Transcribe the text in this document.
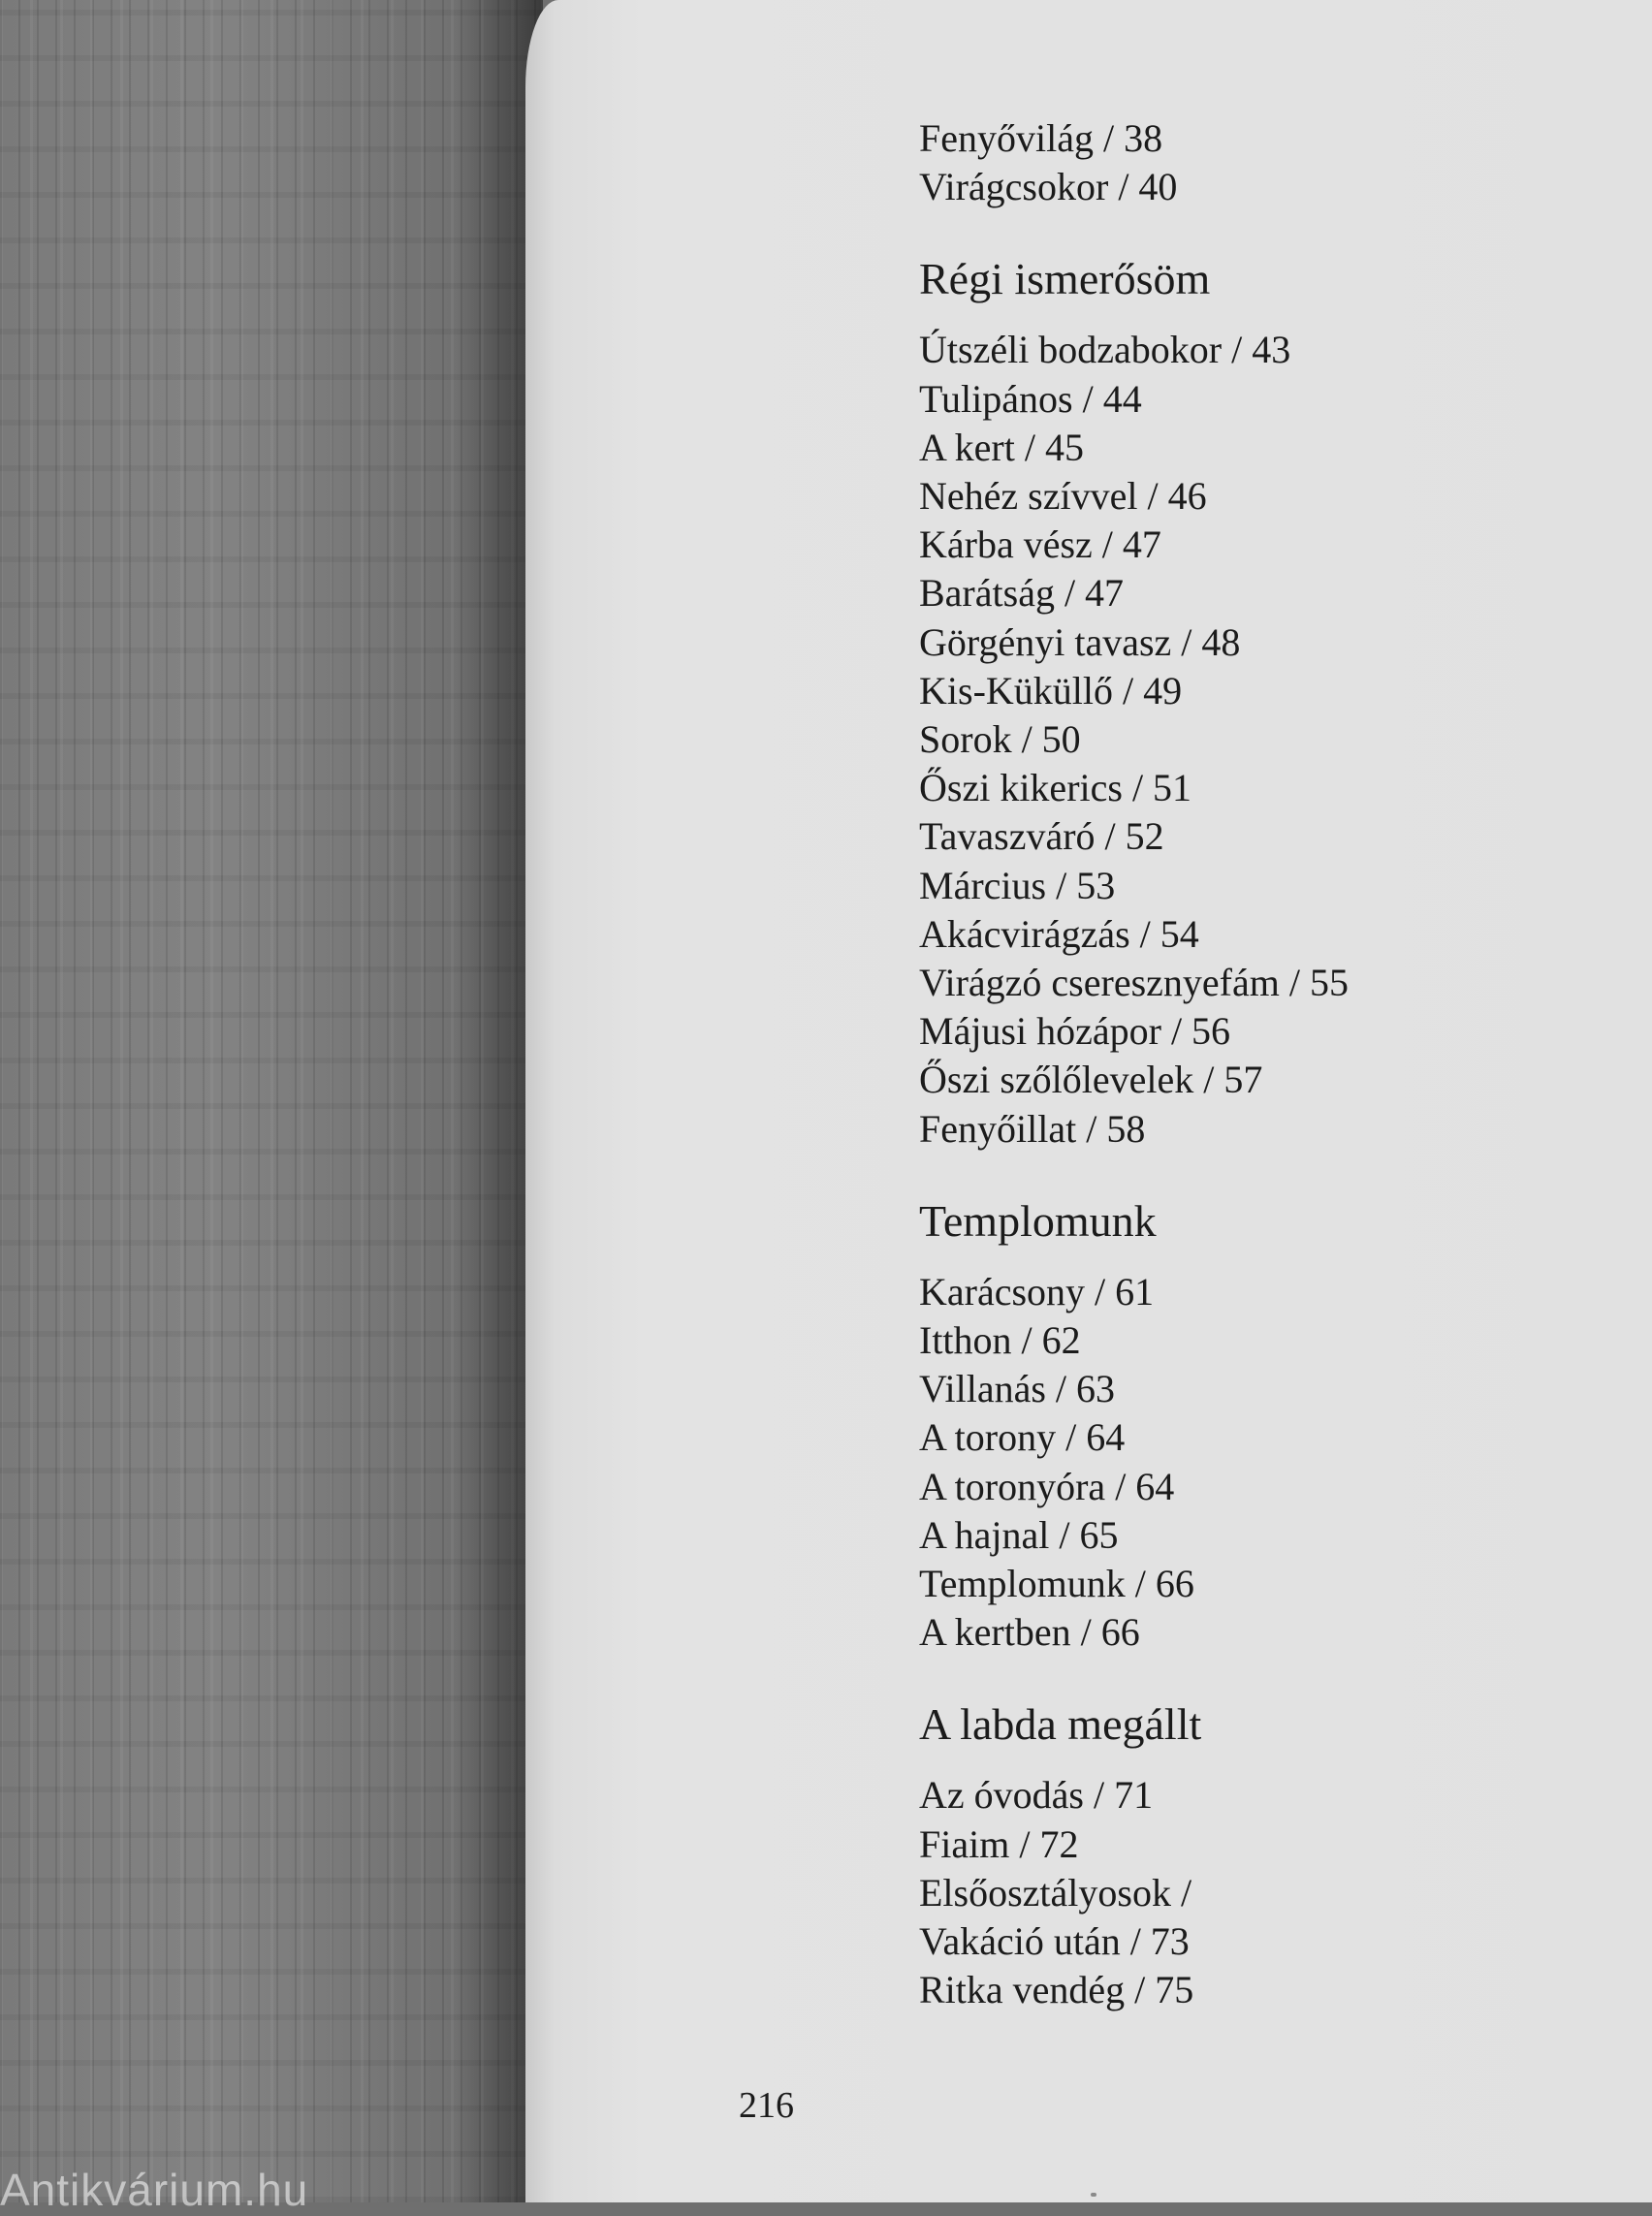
Antikvárium.hu
Fenyővilág / 38
Virágcsokor / 40
Régi ismerősöm
Útszéli bodzabokor / 43
Tulipános / 44
A kert / 45
Nehéz szívvel / 46
Kárba vész / 47
Barátság / 47
Görgényi tavasz / 48
Kis-Küküllő / 49
Sorok / 50
Őszi kikerics / 51
Tavaszváró / 52
Március / 53
Akácvirágzás / 54
Virágzó cseresznyefám / 55
Májusi hózápor / 56
Őszi szőlőlevelek / 57
Fenyőillat / 58
Templomunk
Karácsony / 61
Itthon / 62
Villanás / 63
A torony / 64
A toronyóra / 64
A hajnal / 65
Templomunk / 66
A kertben / 66
A labda megállt
Az óvodás / 71
Fiaim / 72
Elsőosztályosok /
Vakáció után / 73
Ritka vendég / 75
216
